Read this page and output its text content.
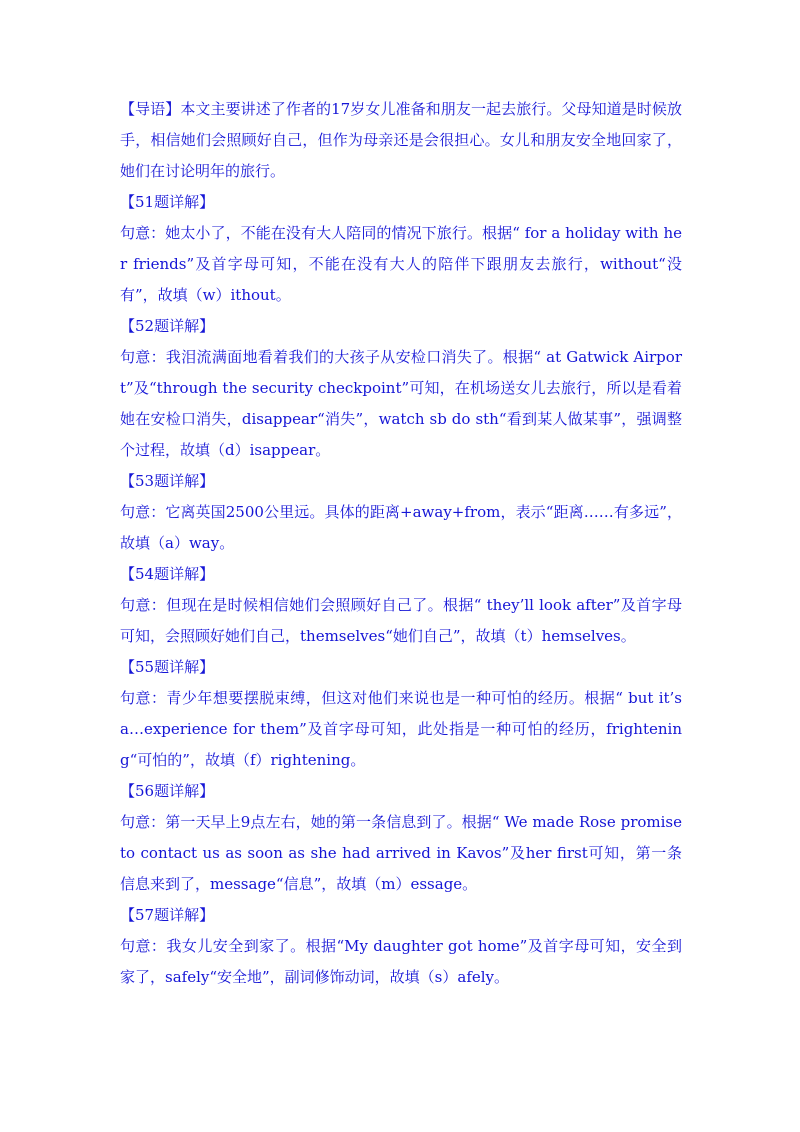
【导语】本文主要讲述了作者的17岁女儿准备和朋友一起去旅行。父母知道是时候放手，相信她们会照顾好自己，但作为母亲还是会很担心。女儿和朋友安全地回家了，她们在讨论明年的旅行。

【51题详解】

句意：她太小了，不能在没有大人陪同的情况下旅行。根据“ for a holiday with her friends”及首字母可知，不能在没有大人的陪伴下跟朋友去旅行，without“没有”，故填（w）ithout。

【52题详解】

句意：我泪流满面地看着我们的大孩子从安检口消失了。根据“ at Gatwick Airport”及“through the security checkpoint”可知，在机场送女儿去旅行，所以是看着她在安检口消失，disappear“消失”，watch sb do sth“看到某人做某事”，强调整个过程，故填（d）isappear。

【53题详解】

句意：它离英国2500公里远。具体的距离+away+from，表示“距离……有多远”，故填（a）way。

【54题详解】

句意：但现在是时候相信她们会照顾好自己了。根据“ they’ll look after”及首字母可知，会照顾好她们自己，themselves“她们自己”，故填（t）hemselves。

【55题详解】

句意：青少年想要摆脱束缚，但这对他们来说也是一种可怕的经历。根据“ but it’s a…experience for them”及首字母可知，此处指是一种可怕的经历，frightening“可怕的”，故填（f）rightening。

【56题详解】

句意：第一天早上9点左右，她的第一条信息到了。根据“ We made Rose promise to contact us as soon as she had arrived in Kavos”及her first可知，第一条信息来到了，message“信息”，故填（m）essage。

【57题详解】

句意：我女儿安全到家了。根据“My daughter got home”及首字母可知，安全到家了，safely“安全地”，副词修饰动词，故填（s）afely。
